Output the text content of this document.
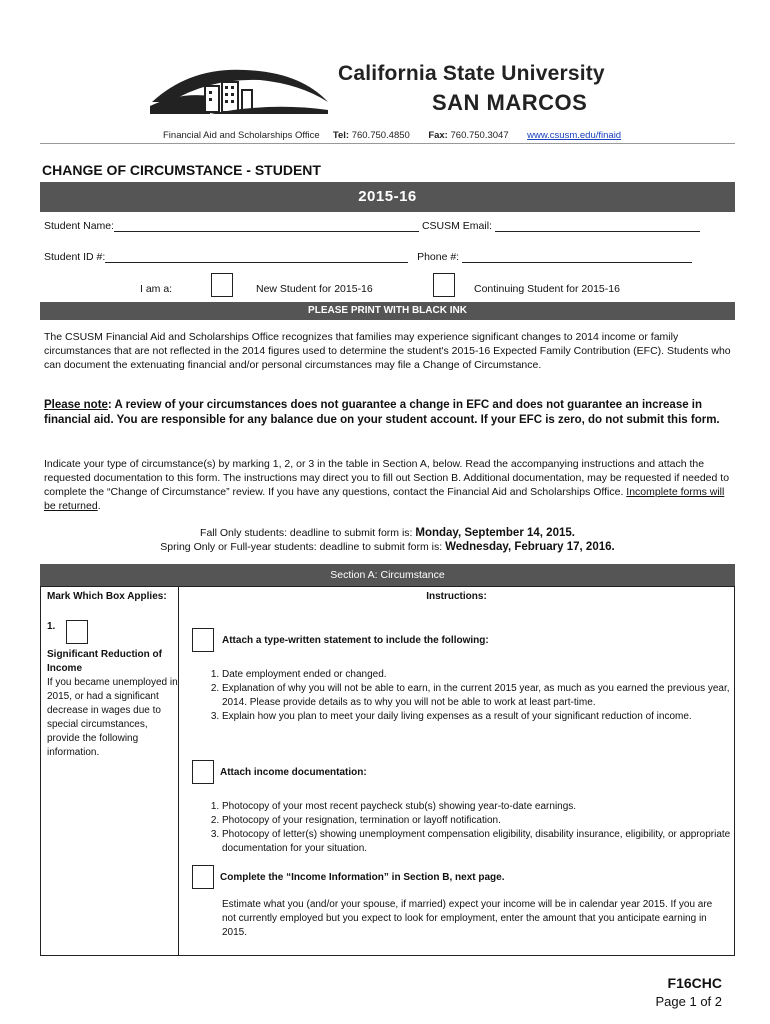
California State University
SAN MARCOS
Financial Aid and Scholarships Office Tel: 760.750.4850 Fax: 760.750.3047 www.csusm.edu/finaid
CHANGE OF CIRCUMSTANCE - STUDENT
2015-16
Student Name:	CSUSM Email:
Student ID #:	Phone #:
I am a:	New Student for 2015-16	Continuing Student for 2015-16
PLEASE PRINT WITH BLACK INK
The CSUSM Financial Aid and Scholarships Office recognizes that families may experience significant changes to 2014 income or family circumstances that are not reflected in the 2014 figures used to determine the student's 2015-16 Expected Family Contribution (EFC). Students who can document the extenuating financial and/or personal circumstances may file a Change of Circumstance.
Please note: A review of your circumstances does not guarantee a change in EFC and does not guarantee an increase in financial aid. You are responsible for any balance due on your student account. If your EFC is zero, do not submit this form.
Indicate your type of circumstance(s) by marking 1, 2, or 3 in the table in Section A, below. Read the accompanying instructions and attach the requested documentation to this form. The instructions may direct you to fill out Section B. Additional documentation, may be requested if needed to complete the “Change of Circumstance” review. If you have any questions, contact the Financial Aid and Scholarships Office. Incomplete forms will be returned.
Fall Only students: deadline to submit form is: Monday, September 14, 2015.
Spring Only or Full-year students: deadline to submit form is: Wednesday, February 17, 2016.
Section A: Circumstance
Mark Which Box Applies:	Instructions:
1.
Significant Reduction of Income
If you became unemployed in 2015, or had a significant decrease in wages due to special circumstances, provide the following information.
Attach a type-written statement to include the following:
1. Date employment ended or changed.
2. Explanation of why you will not be able to earn, in the current 2015 year, as much as you earned the previous year, 2014. Please provide details as to why you will not be able to work at least part-time.
3. Explain how you plan to meet your daily living expenses as a result of your significant reduction of income.
Attach income documentation:
1. Photocopy of your most recent paycheck stub(s) showing year-to-date earnings.
2. Photocopy of your resignation, termination or layoff notification.
3. Photocopy of letter(s) showing unemployment compensation eligibility, disability insurance, eligibility, or appropriate documentation for your situation.
Complete the “Income Information” in Section B, next page.
Estimate what you (and/or your spouse, if married) expect your income will be in calendar year 2015. If you are not currently employed but you expect to look for employment, enter the amount that you anticipate earning in 2015.
F16CHC
Page 1 of 2
